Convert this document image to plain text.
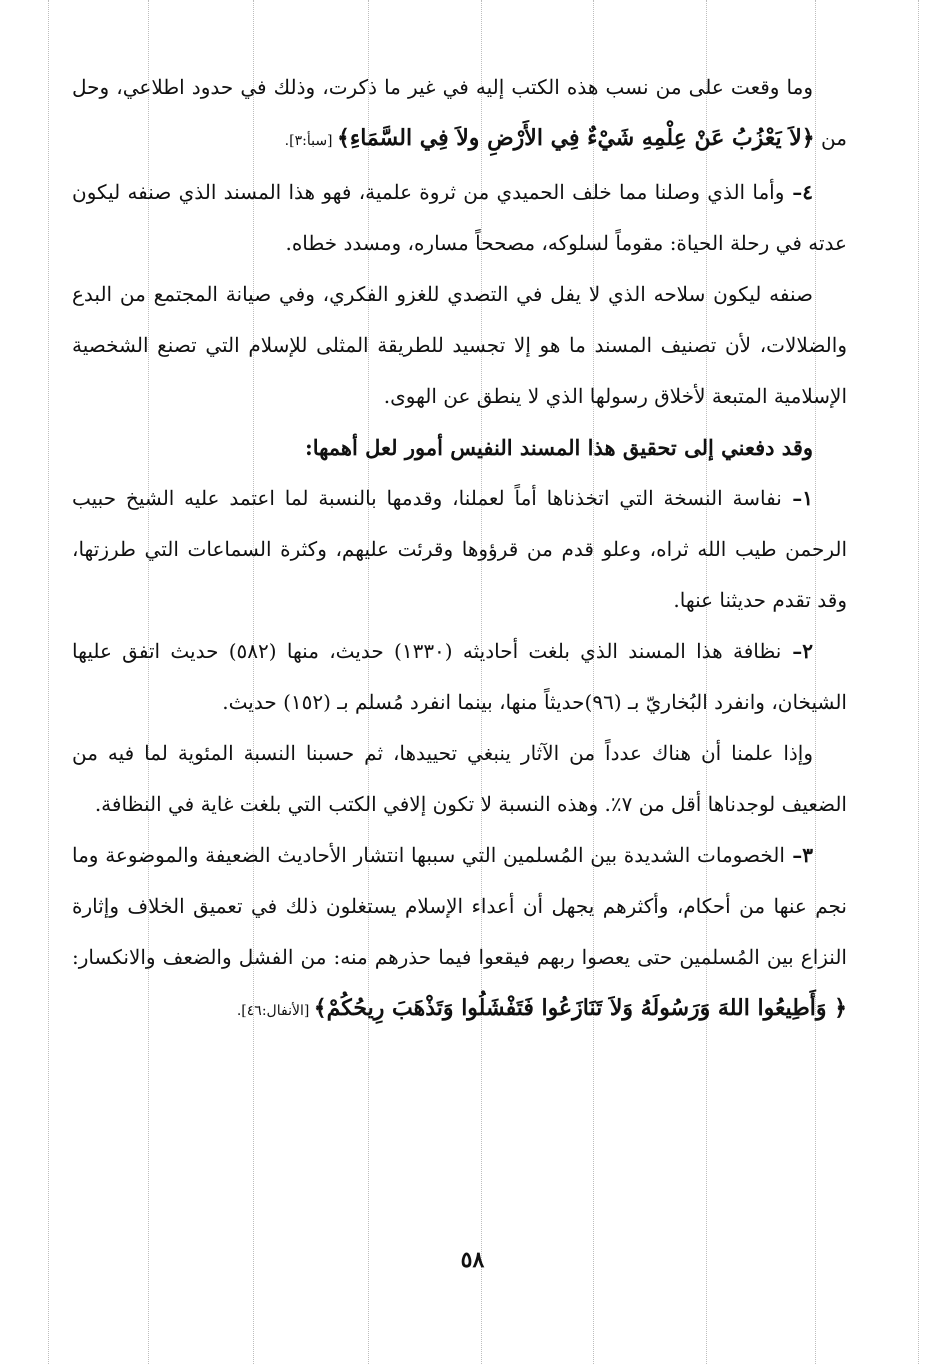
وما وقعت على من نسب هذه الكتب إليه في غير ما ذكرت، وذلك في حدود اطلاعي، وحل من ﴿لاَ يَعْزُبُ عَنْ عِلْمِهِ شَيْءٌ فِي الأَرْضِ ولاَ فِي السَّمَاءِ﴾ [سبأ:٣].

٤– وأما الذي وصلنا مما خلف الحميدي من ثروة علمية، فهو هذا المسند الذي صنفه ليكون عدته في رحلة الحياة: مقوماً لسلوكه، مصححاً مساره، ومسدد خطاه.

صنفه ليكون سلاحه الذي لا يفل في التصدي للغزو الفكري، وفي صيانة المجتمع من البدع والضلالات، لأن تصنيف المسند ما هو إلا تجسيد للطريقة المثلى للإسلام التي تصنع الشخصية الإسلامية المتبعة لأخلاق رسولها الذي لا ينطق عن الهوى.

وقد دفعني إلى تحقيق هذا المسند النفيس أمور لعل أهمها:

١– نفاسة النسخة التي اتخذناها أماً لعملنا، وقدمها بالنسبة لما اعتمد عليه الشيخ حبيب الرحمن طيب الله ثراه، وعلو قدم من قرؤوها وقرئت عليهم، وكثرة السماعات التي طرزتها، وقد تقدم حديثنا عنها.

٢– نظافة هذا المسند الذي بلغت أحاديثه (١٣٣٠) حديث، منها (٥٨٢) حديث اتفق عليها الشيخان، وانفرد البُخاريّ بـ (٩٦)حديثاً منها، بينما انفرد مُسلم بـ (١٥٢) حديث.

وإذا علمنا أن هناك عدداً من الآثار ينبغي تحييدها، ثم حسبنا النسبة المئوية لما فيه من الضعيف لوجدناها أقل من ٧٪. وهذه النسبة لا تكون إلافي الكتب التي بلغت غاية في النظافة.

٣– الخصومات الشديدة بين المُسلمين التي سببها انتشار الأحاديث الضعيفة والموضوعة وما نجم عنها من أحكام، وأكثرهم يجهل أن أعداء الإسلام يستغلون ذلك في تعميق الخلاف وإثارة النزاع بين المُسلمين حتى يعصوا ربهم فيقعوا فيما حذرهم منه: من الفشل والضعف والانكسار: ﴿ وَأَطِيعُوا اللهَ وَرَسُولَهُ وَلاَ تَنَازَعُوا فَتَفْشَلُوا وَتَذْهَبَ رِيحُكُمْ﴾ [الأنفال:٤٦].

٥٨
